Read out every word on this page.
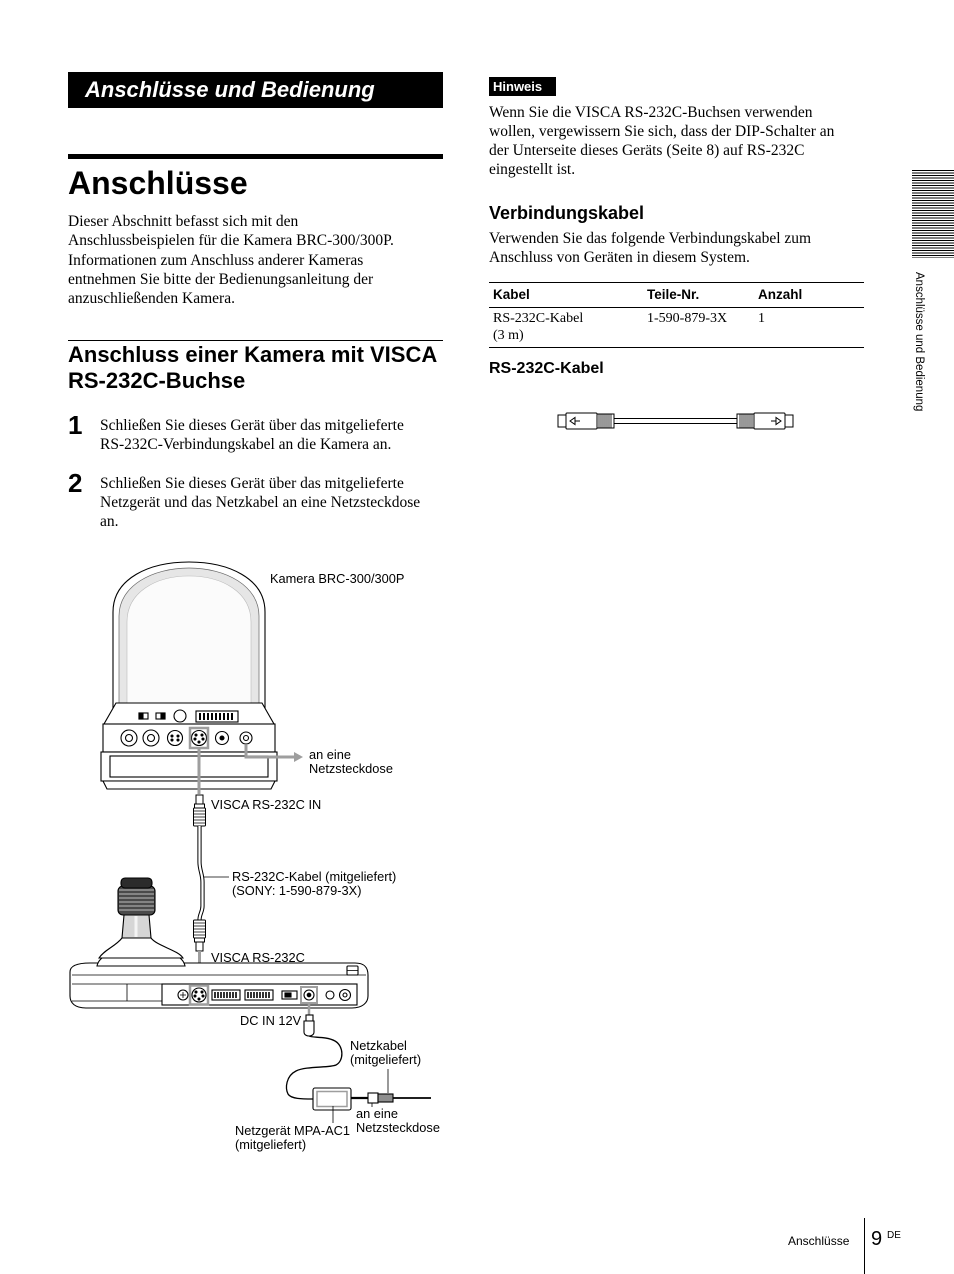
Anschlüsse und Bedienung
Anschlüsse
Dieser Abschnitt befasst sich mit den
Anschlussbeispielen für die Kamera BRC-300/300P.
Informationen zum Anschluss anderer Kameras
entnehmen Sie bitte der Bedienungsanleitung der
anzuschließenden Kamera.
Anschluss einer Kamera mit VISCA
RS-232C-Buchse
1 Schließen Sie dieses Gerät über das mitgelieferte
RS-232C-Verbindungskabel an die Kamera an.
2 Schließen Sie dieses Gerät über das mitgelieferte
Netzgerät und das Netzkabel an eine Netzsteckdose
an.
Kamera BRC-300/300P
an eine
Netzsteckdose
VISCA RS-232C IN
RS-232C-Kabel (mitgeliefert)
(SONY: 1-590-879-3X)
VISCA RS-232C
DC IN 12V
Netzkabel
(mitgeliefert)
an eine
Netzsteckdose
Netzgerät MPA-AC1
(mitgeliefert)
Hinweis
Wenn Sie die VISCA RS-232C-Buchsen verwenden
wollen, vergewissern Sie sich, dass der DIP-Schalter an
der Unterseite dieses Geräts (Seite 8) auf RS-232C
eingestellt ist.
Verbindungskabel
Verwenden Sie das folgende Verbindungskabel zum
Anschluss von Geräten in diesem System.
Kabel	Teile-Nr.	Anzahl
RS-232C-Kabel
(3 m)
1-590-879-3X 1
RS-232C-Kabel	Anschlüsse und Bedienung
Anschlüsse 9 DE
